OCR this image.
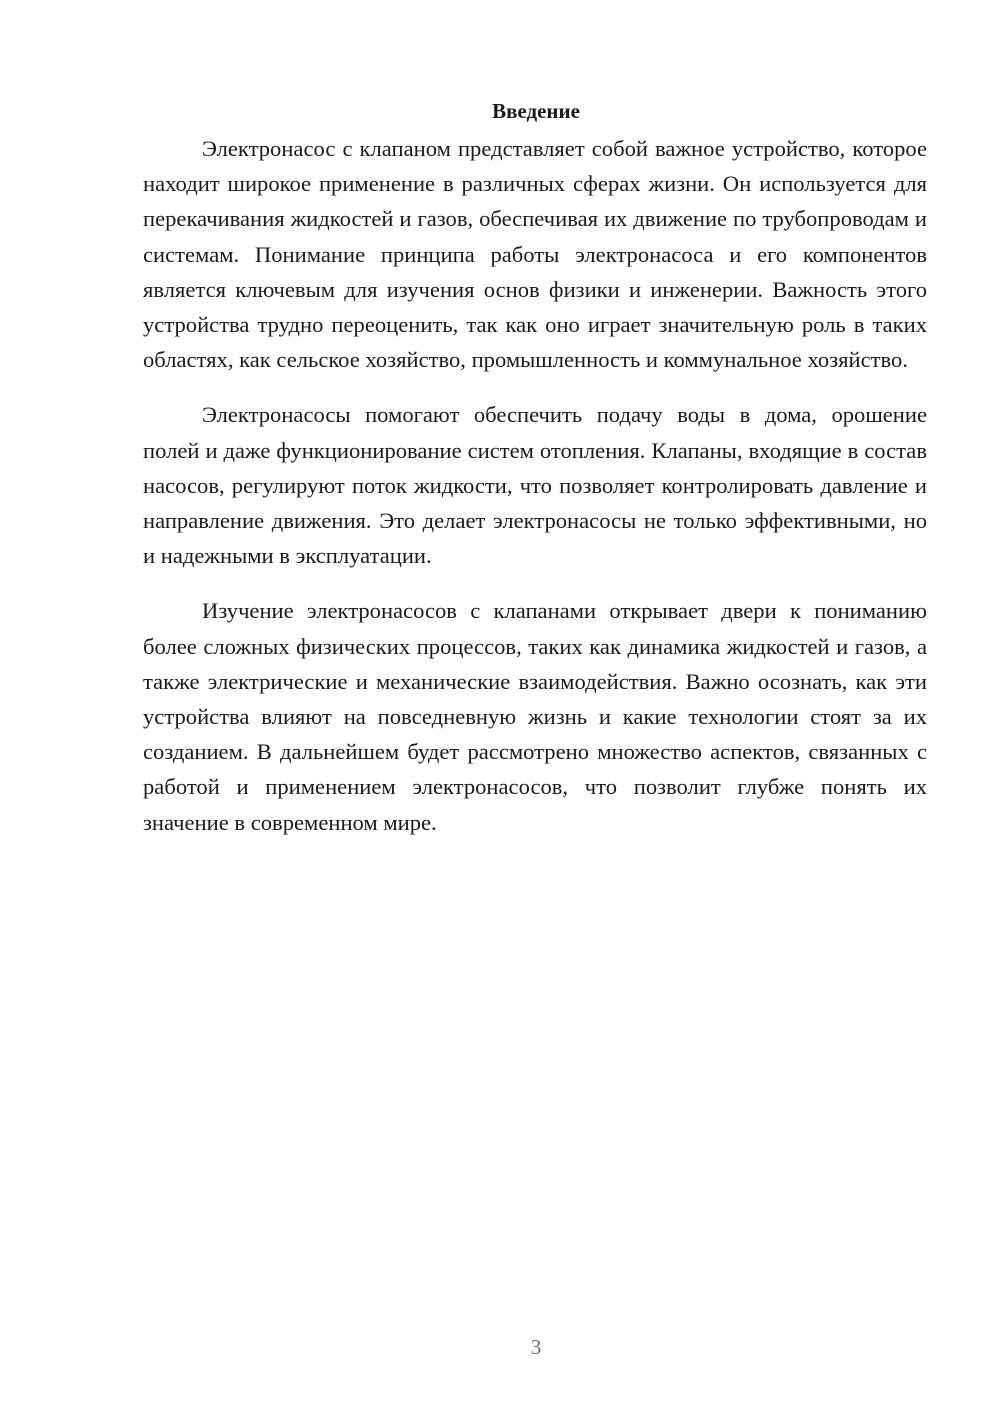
Введение

Электронасос с клапаном представляет собой важное устройство, которое находит широкое применение в различных сферах жизни. Он используется для перекачивания жидкостей и газов, обеспечивая их движение по трубопроводам и системам. Понимание принципа работы электронасоса и его компонентов является ключевым для изучения основ физики и инженерии. Важность этого устройства трудно переоценить, так как оно играет значительную роль в таких областях, как сельское хозяйство, промышленность и коммунальное хозяйство.

Электронасосы помогают обеспечить подачу воды в дома, орошение полей и даже функционирование систем отопления. Клапаны, входящие в состав насосов, регулируют поток жидкости, что позволяет контролировать давление и направление движения. Это делает электронасосы не только эффективными, но и надежными в эксплуатации.

Изучение электронасосов с клапанами открывает двери к пониманию более сложных физических процессов, таких как динамика жидкостей и газов, а также электрические и механические взаимодействия. Важно осознать, как эти устройства влияют на повседневную жизнь и какие технологии стоят за их созданием. В дальнейшем будет рассмотрено множество аспектов, связанных с работой и применением электронасосов, что позволит глубже понять их значение в современном мире.

3
